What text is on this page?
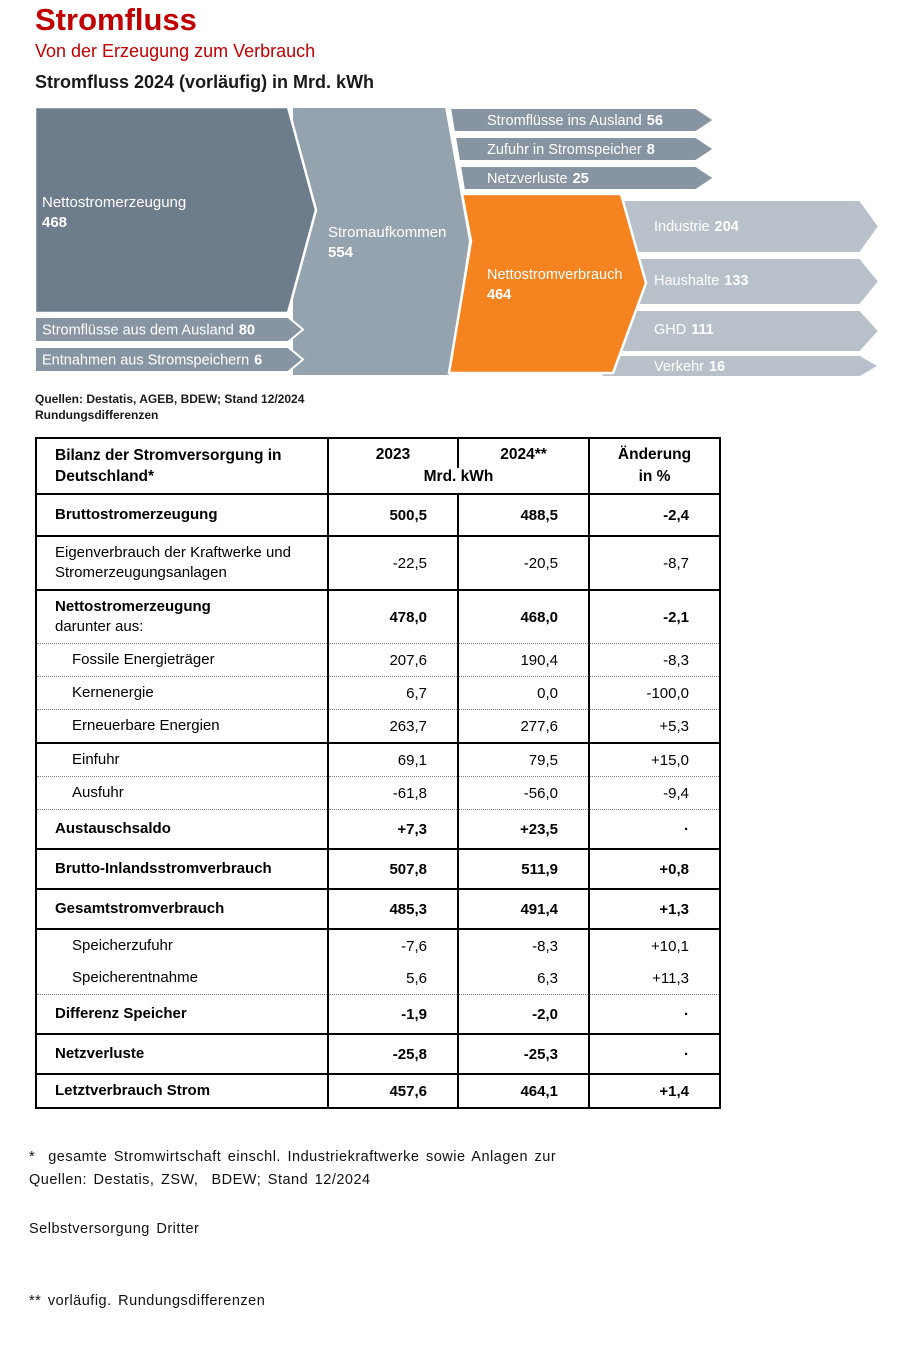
Stromfluss
Von der Erzeugung zum Verbrauch
Stromfluss 2024 (vorläufig) in Mrd. kWh
Nettostromerzeugung
468
Stromflüsse aus dem Ausland 80
Entnahmen aus Stromspeichern 6
Stromaufkommen
554
Stromflüsse ins Ausland 56
Zufuhr in Stromspeicher 8
Netzverluste 25
Nettostromverbrauch
464
Industrie 204
Haushalte 133
GHD 111
Verkehr 16
Quellen: Destatis, AGEB, BDEW; Stand 12/2024
Rundungsdifferenzen
Bilanz der Stromversorgung in
Deutschland*	2023	2024**	Änderung
	Mrd. kWh		in %
Bruttostromerzeugung	500,5	488,5	-2,4

Eigenverbrauch der Kraftwerke und
Stromerzeugungsanlagen	-22,5	-20,5	-8,7

Nettostromerzeugung
darunter aus:	478,0	468,0	-2,1
Fossile Energieträger	207,6	190,4	-8,3
Kernenergie	6,7	0,0	-100,0
Erneuerbare Energien	263,7	277,6	+5,3
Einfuhr	69,1	79,5	+15,0
Ausfuhr	-61,8	-56,0	-9,4
Austauschsaldo	+7,3	+23,5	·
Brutto-Inlandsstromverbrauch	507,8	511,9	+0,8
Gesamtstromverbrauch	485,3	491,4	+1,3
Speicherzufuhr	-7,6	-8,3	+10,1
Speicherentnahme	5,6	6,3	+11,3
Differenz Speicher	-1,9	-2,0	·
Netzverluste	-25,8	-25,3	·
Letztverbrauch Strom	457,6	464,1	+1,4

*  gesamte Stromwirtschaft einschl. Industriekraftwerke sowie Anlagen zur

Selbstversorgung Dritter

** vorläufig. Rundungsdifferenzen

Quellen: Destatis, ZSW,  BDEW; Stand 12/2024
